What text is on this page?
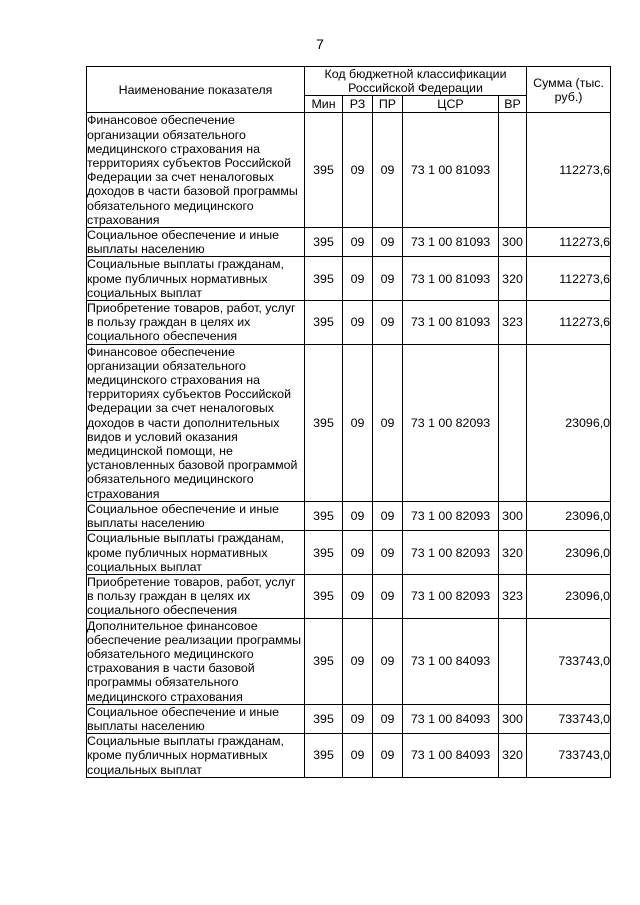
7
Наименование показателя	Код бюджетной классификации Российской Федерации					Сумма (тыс. руб.)
	Мин	РЗ	ПР	ЦСР	ВР	
Финансовое обеспечение организации обязательного медицинского страхования на территориях субъектов Российской Федерации за счет неналоговых доходов в части базовой программы обязательного медицинского страхования	395	09	09	73 1 00 81093		112273,6
Социальное обеспечение и иные выплаты населению	395	09	09	73 1 00 81093	300	112273,6
Социальные выплаты гражданам, кроме публичных нормативных социальных выплат	395	09	09	73 1 00 81093	320	112273,6
Приобретение товаров, работ, услуг в пользу граждан в целях их социального обеспечения	395	09	09	73 1 00 81093	323	112273,6
Финансовое обеспечение организации обязательного медицинского страхования на территориях субъектов Российской Федерации за счет неналоговых доходов в части дополнительных видов и условий оказания медицинской помощи, не установленных базовой программой обязательного медицинского страхования	395	09	09	73 1 00 82093		23096,0
Социальное обеспечение и иные выплаты населению	395	09	09	73 1 00 82093	300	23096,0
Социальные выплаты гражданам, кроме публичных нормативных социальных выплат	395	09	09	73 1 00 82093	320	23096,0
Приобретение товаров, работ, услуг в пользу граждан в целях их социального обеспечения	395	09	09	73 1 00 82093	323	23096,0
Дополнительное финансовое обеспечение реализации программы обязательного медицинского страхования в части базовой программы обязательного медицинского страхования	395	09	09	73 1 00 84093		733743,0
Социальное обеспечение и иные выплаты населению	395	09	09	73 1 00 84093	300	733743,0
Социальные выплаты гражданам, кроме публичных нормативных социальных выплат	395	09	09	73 1 00 84093	320	733743,0
